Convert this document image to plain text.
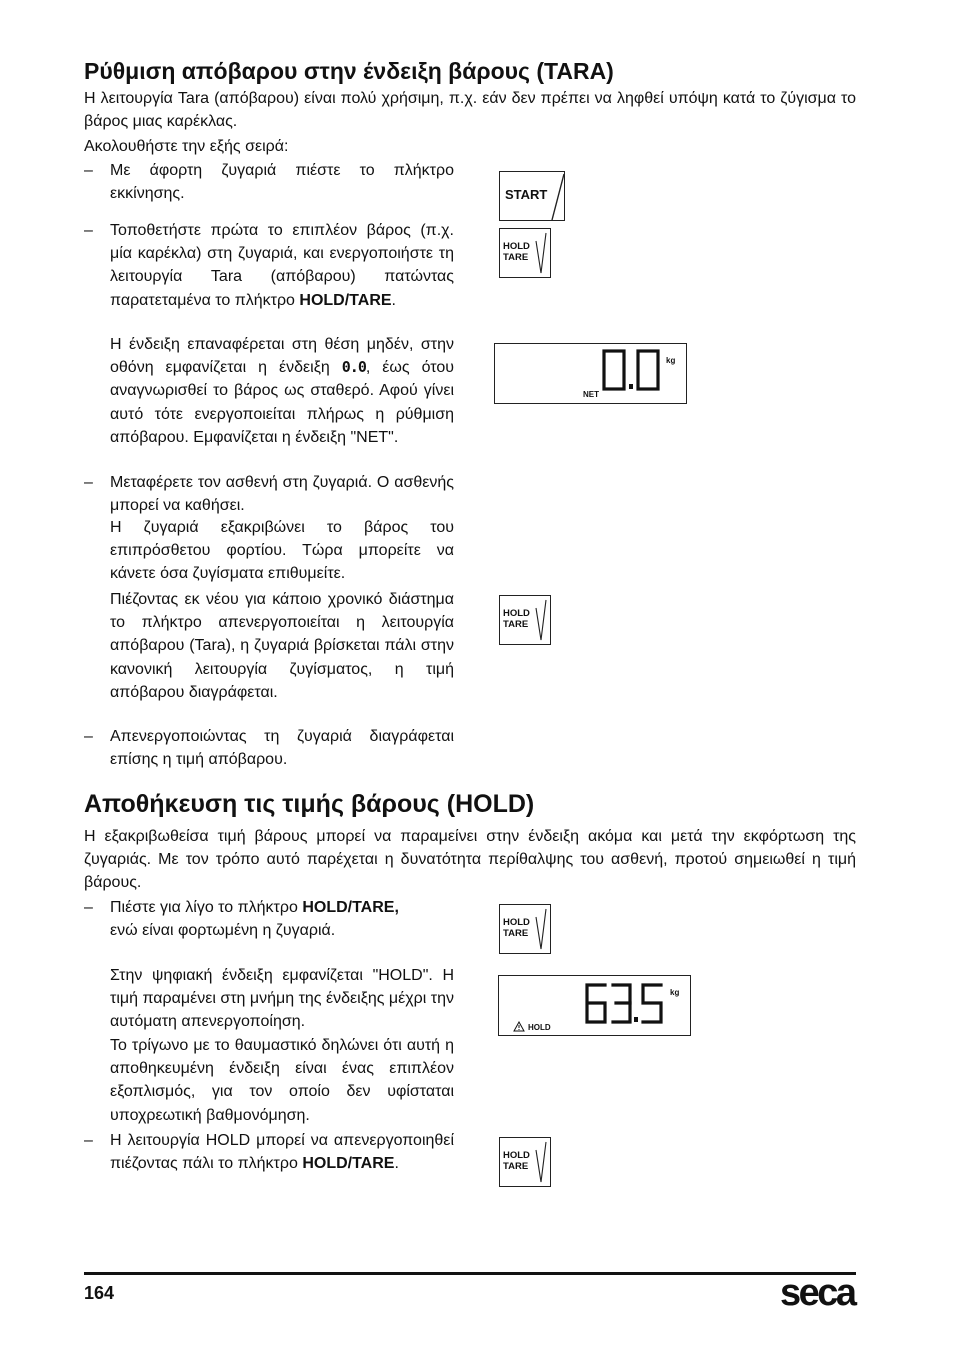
Ρύθμιση απόβαρου στην ένδειξη βάρους (TARA)

Η λειτουργία Tara (απόβαρου) είναι πολύ χρήσιμη, π.χ. εάν δεν πρέπει να ληφθεί υπόψη κατά το ζύγισμα το βάρος μιας καρέκλας.

Ακολουθήστε την εξής σειρά:

– Με άφορτη ζυγαριά πιέστε το πλήκτρο εκκίνησης.

– Τοποθετήστε πρώτα το επιπλέον βάρος (π.χ. μία καρέκλα) στη ζυγαριά, και ενεργοποιήστε τη λειτουργία Tara (απόβαρου) πατώντας παρατεταμένα το πλήκτρο HOLD/TARE.

Η ένδειξη επαναφέρεται στη θέση μηδέν, στην οθόνη εμφανίζεται η ένδειξη 0.0, έως ότου αναγνωρισθεί το βάρος ως σταθερό. Αφού γίνει αυτό τότε ενεργοποιείται πλήρως η ρύθμιση απόβαρου. Εμφανίζεται η ένδειξη "NET".

– Μεταφέρετε τον ασθενή στη ζυγαριά. Ο ασθενής μπορεί να καθήσει.

Η ζυγαριά εξακριβώνει το βάρος του επιπρόσθετου φορτίου. Τώρα μπορείτε να κάνετε όσα ζυγίσματα επιθυμείτε.

Πιέζοντας εκ νέου για κάποιο χρονικό διάστημα το πλήκτρο απενεργοποιείται η λειτουργία απόβαρου (Tara), η ζυγαριά βρίσκεται πάλι στην κανονική λειτουργία ζυγίσματος, η τιμή απόβαρου διαγράφεται.

– Απενεργοποιώντας τη ζυγαριά διαγράφεται επίσης η τιμή απόβαρου.

START
HOLD
TARE
kg
NET
HOLD
TARE
Αποθήκευση τις τιμής βάρους (HOLD)

Η εξακριβωθείσα τιμή βάρους μπορεί να παραμείνει στην ένδειξη ακόμα και μετά την εκφόρτωση της ζυγαριάς. Με τον τρόπο αυτό παρέχεται η δυνατότητα περίθαλψης του ασθενή, προτού σημειωθεί η τιμή βάρους.

– Πιέστε για λίγο το πλήκτρο HOLD/TARE,
ενώ είναι φορτωμένη η ζυγαριά.

Στην ψηφιακή ένδειξη εμφανίζεται "HOLD". Η τιμή παραμένει στη μνήμη της ένδειξης μέχρι την αυτόματη απενεργοποίηση.

Το τρίγωνο με το θαυμαστικό δηλώνει ότι αυτή η αποθηκευμένη ένδειξη είναι ένας επιπλέον εξοπλισμός, για τον οποίο δεν υφίσταται υποχρεωτική βαθμονόμηση.

– Η λειτουργία HOLD μπορεί να απενεργοποιηθεί πιέζοντας πάλι το πλήκτρο HOLD/TARE.

HOLD
TARE
kg
HOLD
HOLD
TARE
164	seca
